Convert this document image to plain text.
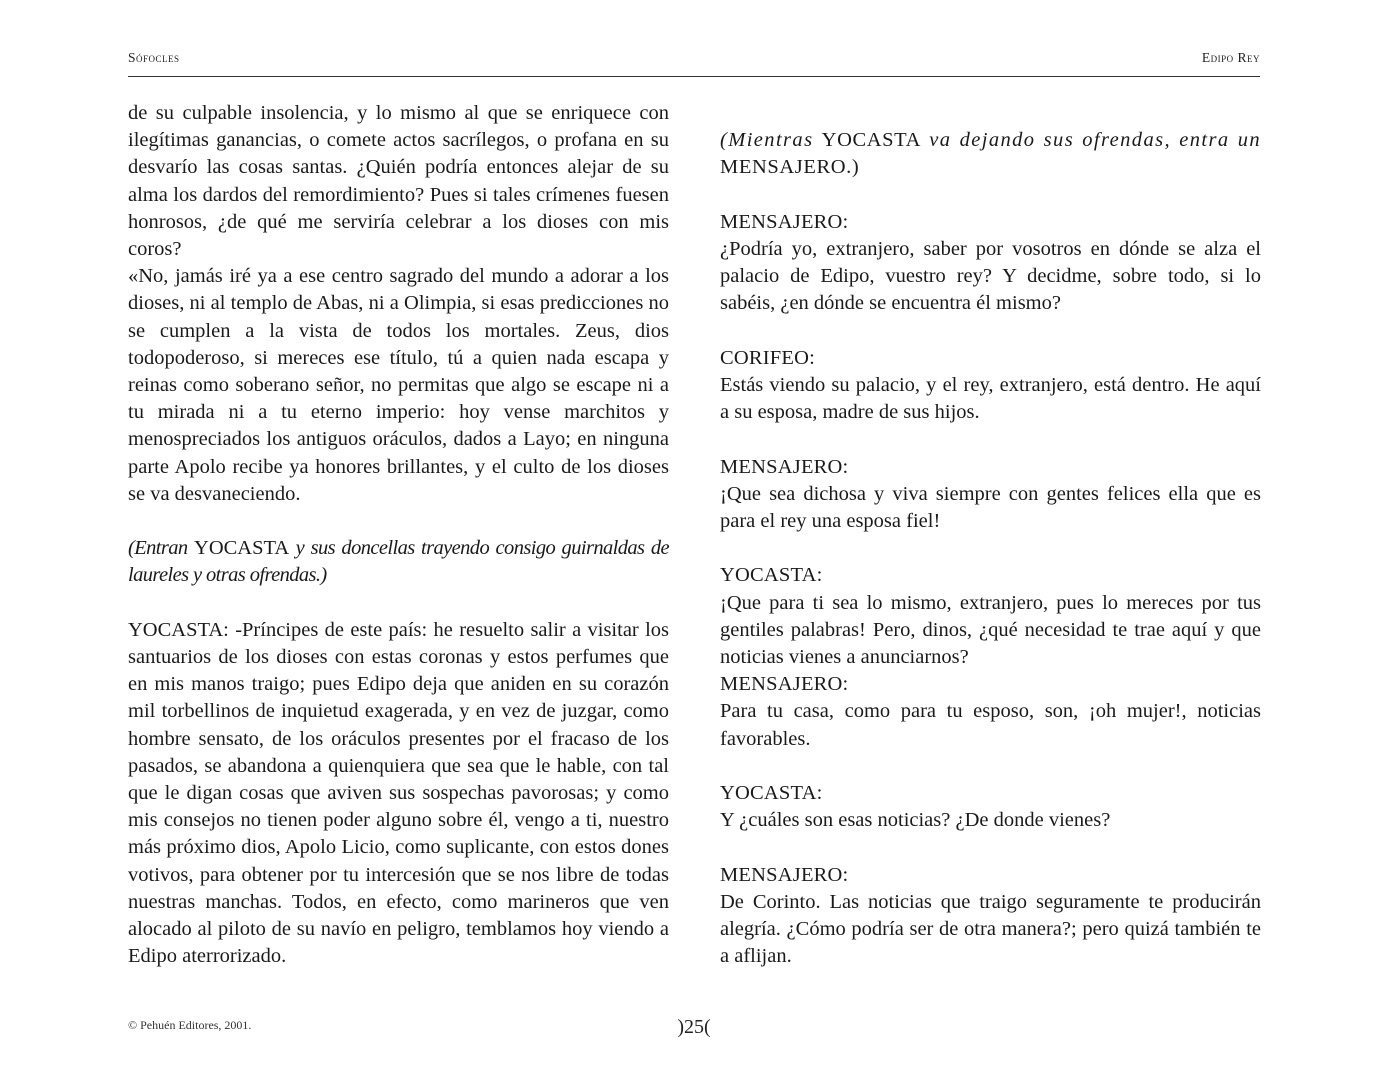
Sófocles	Edipo Rey

de su culpable insolencia, y lo mismo al que se enriquece con ilegítimas ganancias, o comete actos sacrílegos, o profana en su desvarío las cosas santas. ¿Quién podría entonces alejar de su alma los dardos del remordimiento? Pues si tales crímenes fuesen honrosos, ¿de qué me serviría celebrar a los dioses con mis coros?

«No, jamás iré ya a ese centro sagrado del mundo a adorar a los dioses, ni al templo de Abas, ni a Olimpia, si esas predicciones no se cumplen a la vista de todos los mortales. Zeus, dios todopoderoso, si mereces ese título, tú a quien nada escapa y reinas como soberano señor, no permitas que algo se escape ni a tu mirada ni a tu eterno imperio: hoy vense marchitos y menospreciados los antiguos oráculos, dados a Layo; en ninguna parte Apolo recibe ya honores brillantes, y el culto de los dioses se va desvaneciendo.

(Entran YOCASTA y sus doncellas trayendo consigo guirnaldas de laureles y otras ofrendas.)

YOCASTA: -Príncipes de este país: he resuelto salir a visitar los santuarios de los dioses con estas coronas y estos perfumes que en mis manos traigo; pues Edipo deja que aniden en su corazón mil torbellinos de inquietud exagerada, y en vez de juzgar, como hombre sensato, de los oráculos presentes por el fracaso de los pasados, se abandona a quienquiera que sea que le hable, con tal que le digan cosas que aviven sus sospechas pavorosas; y como mis consejos no tienen poder alguno sobre él, vengo a ti, nuestro más próximo dios, Apolo Licio, como suplicante, con estos dones votivos, para obtener por tu intercesión que se nos libre de todas nuestras manchas. Todos, en efecto, como marineros que ven alocado al piloto de su navío en peligro, temblamos hoy viendo a Edipo aterrorizado.

(Mientras YOCASTA va dejando sus ofrendas, entra un MENSAJERO.)

MENSAJERO:

¿Podría yo, extranjero, saber por vosotros en dónde se alza el palacio de Edipo, vuestro rey? Y decidme, sobre todo, si lo sabéis, ¿en dónde se encuentra él mismo?

CORIFEO:

Estás viendo su palacio, y el rey, extranjero, está dentro. He aquí a su esposa, madre de sus hijos.

MENSAJERO:

¡Que sea dichosa y viva siempre con gentes felices ella que es para el rey una esposa fiel!

YOCASTA:

¡Que para ti sea lo mismo, extranjero, pues lo mereces por tus gentiles palabras! Pero, dinos, ¿qué necesidad te trae aquí y que noticias vienes a anunciarnos?

MENSAJERO:

Para tu casa, como para tu esposo, son, ¡oh mujer!, noticias favorables.

YOCASTA:

Y ¿cuáles son esas noticias? ¿De donde vienes?

MENSAJERO:

De Corinto. Las noticias que traigo seguramente te producirán alegría. ¿Cómo podría ser de otra manera?; pero quizá también te a aflijan.

© Pehuén Editores, 2001.	)25(
